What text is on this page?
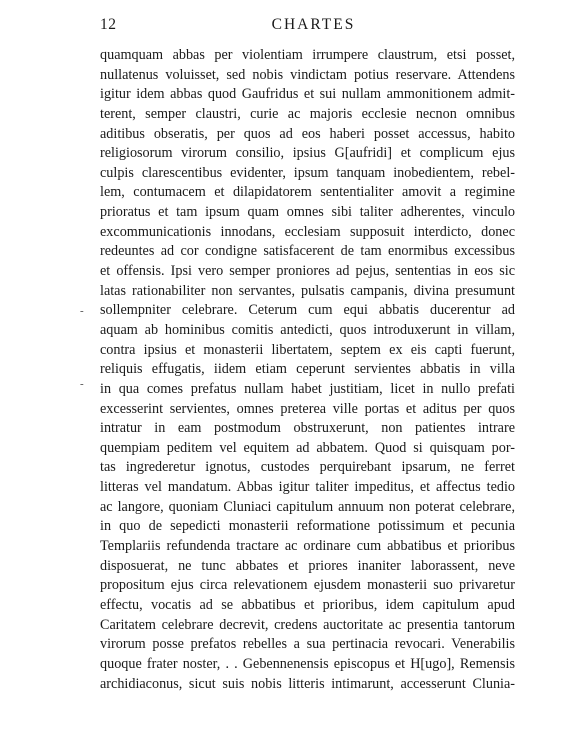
12	CHARTES
-
-
quamquam abbas per violentiam irrumpere claustrum, etsi posset,
nullatenus voluisset, sed nobis vindictam potius reservare. Attendens
igitur idem abbas quod Gaufridus et sui nullam ammonitionem admit-
terent, semper claustri, curie ac majoris ecclesie necnon omnibus
aditibus obseratis, per quos ad eos haberi posset accessus, habito
religiosorum virorum consilio, ipsius G[aufridi] et complicum ejus
culpis clarescentibus evidenter, ipsum tanquam inobedientem, rebel-
lem, contumacem et dilapidatorem sententialiter amovit a regimine
prioratus et tam ipsum quam omnes sibi taliter adherentes, vinculo
excommunicationis innodans, ecclesiam supposuit interdicto, donec
redeuntes ad cor condigne satisfacerent de tam enormibus excessibus
et offensis. Ipsi vero semper proniores ad pejus, sententias in eos sic
latas rationabiliter non servantes, pulsatis campanis, divina presumunt
sollempniter celebrare. Ceterum cum equi abbatis ducerentur ad
aquam ab hominibus comitis antedicti, quos introduxerunt in villam,
contra ipsius et monasterii libertatem, septem ex eis capti fuerunt,
reliquis effugatis, iidem etiam ceperunt servientes abbatis in villa
in qua comes prefatus nullam habet justitiam, licet in nullo prefati
excesserint servientes, omnes preterea ville portas et aditus per quos
intratur in eam postmodum obstruxerunt, non patientes intrare
quempiam peditem vel equitem ad abbatem. Quod si quisquam por-
tas ingrederetur ignotus, custodes perquirebant ipsarum, ne ferret
litteras vel mandatum. Abbas igitur taliter impeditus, et affectus tedio
ac langore, quoniam Cluniaci capitulum annuum non poterat celebrare,
in quo de sepedicti monasterii reformatione potissimum et pecunia
Templariis refundenda tractare ac ordinare cum abbatibus et prioribus
disposuerat, ne tunc abbates et priores inaniter laborassent, neve
propositum ejus circa relevationem ejusdem monasterii suo privaretur
effectu, vocatis ad se abbatibus et prioribus, idem capitulum apud
Caritatem celebrare decrevit, credens auctoritate ac presentia tantorum
virorum posse prefatos rebelles a sua pertinacia revocari. Venerabilis
quoque frater noster, . . Gebennenensis episcopus et H[ugo], Remensis
archidiaconus, sicut suis nobis litteris intimarunt, accesserunt Clunia-
